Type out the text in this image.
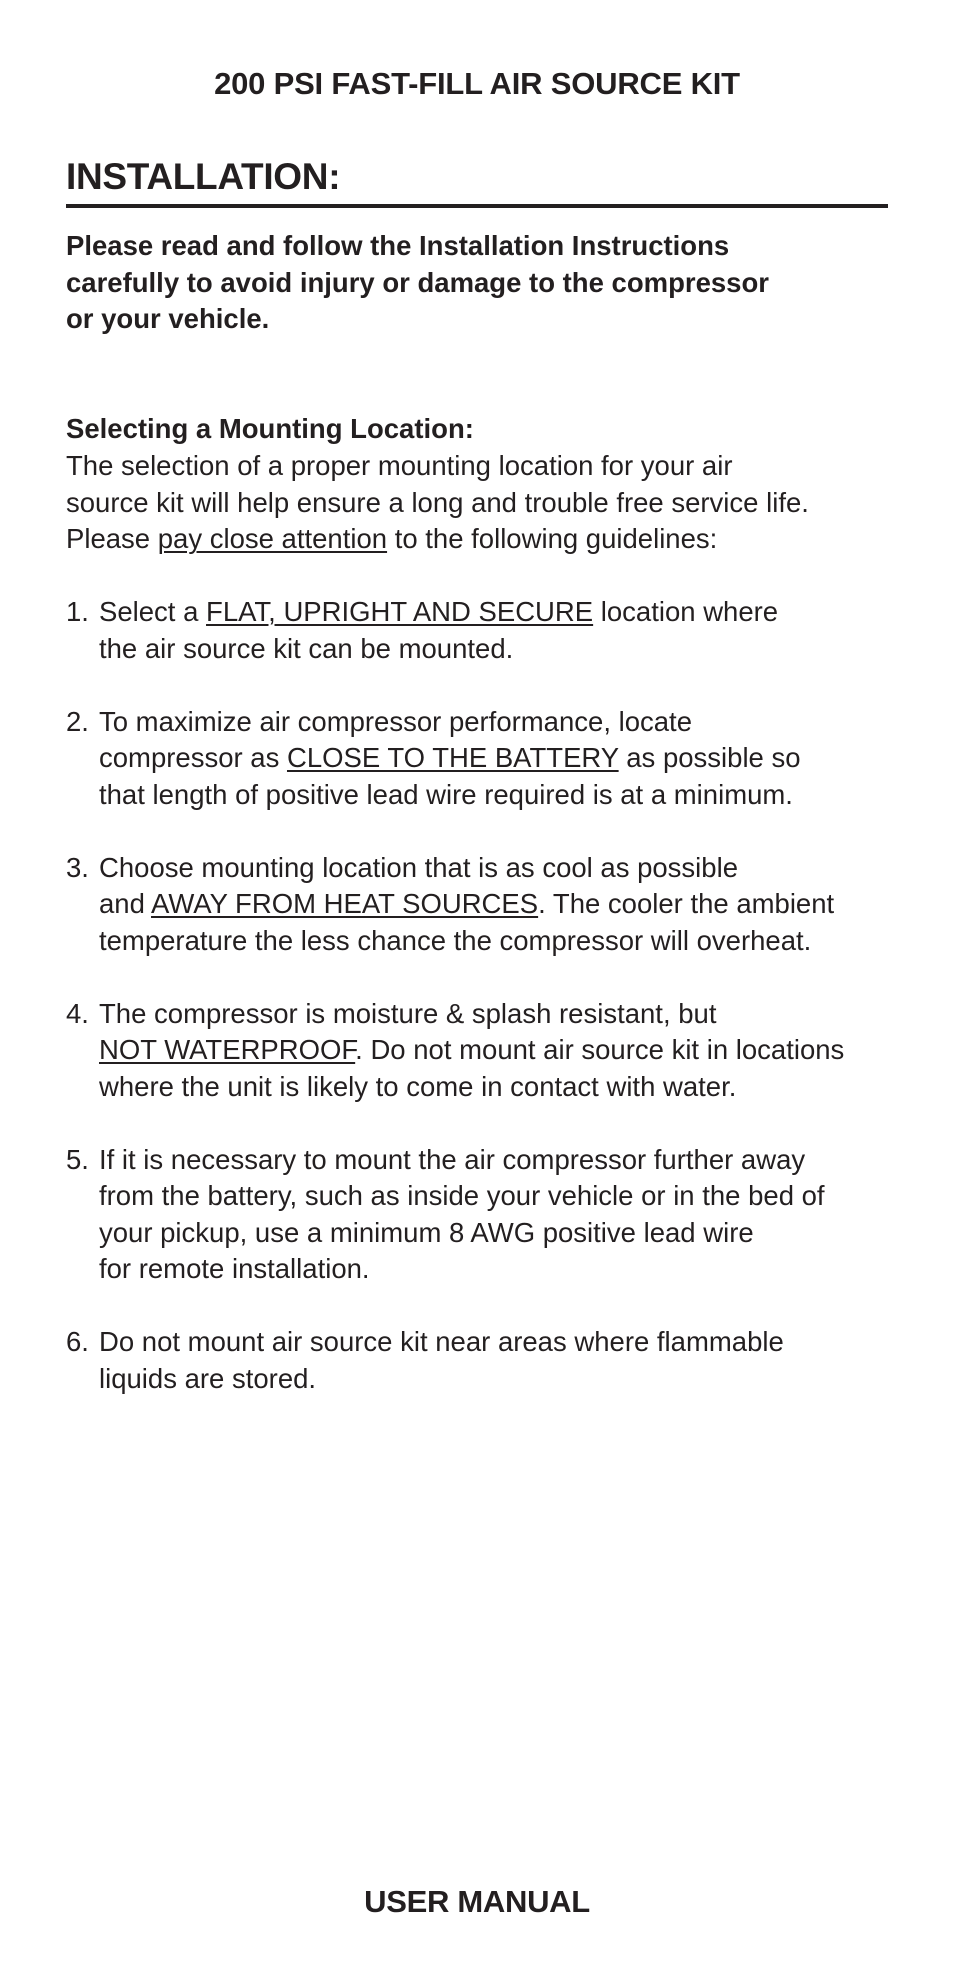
200 PSI FAST-FILL AIR SOURCE KIT
INSTALLATION:
Please read and follow the Installation Instructions
carefully to avoid injury or damage to the compressor
or your vehicle.
Selecting a Mounting Location:
The selection of a proper mounting location for your air
source kit will help ensure a long and trouble free service life.
Please pay close attention to the following guidelines:
1. Select a FLAT, UPRIGHT AND SECURE location where
the air source kit can be mounted.
2. To maximize air compressor performance, locate
compressor as CLOSE TO THE BATTERY as possible so
that length of positive lead wire required is at a minimum.
3. Choose mounting location that is as cool as possible
and AWAY FROM HEAT SOURCES. The cooler the ambient
temperature the less chance the compressor will overheat.
4. The compressor is moisture & splash resistant, but
NOT WATERPROOF. Do not mount air source kit in locations
where the unit is likely to come in contact with water.
5. If it is necessary to mount the air compressor further away
from the battery, such as inside your vehicle or in the bed of
your pickup, use a minimum 8 AWG positive lead wire
for remote installation.
6. Do not mount air source kit near areas where flammable
liquids are stored.
USER MANUAL
